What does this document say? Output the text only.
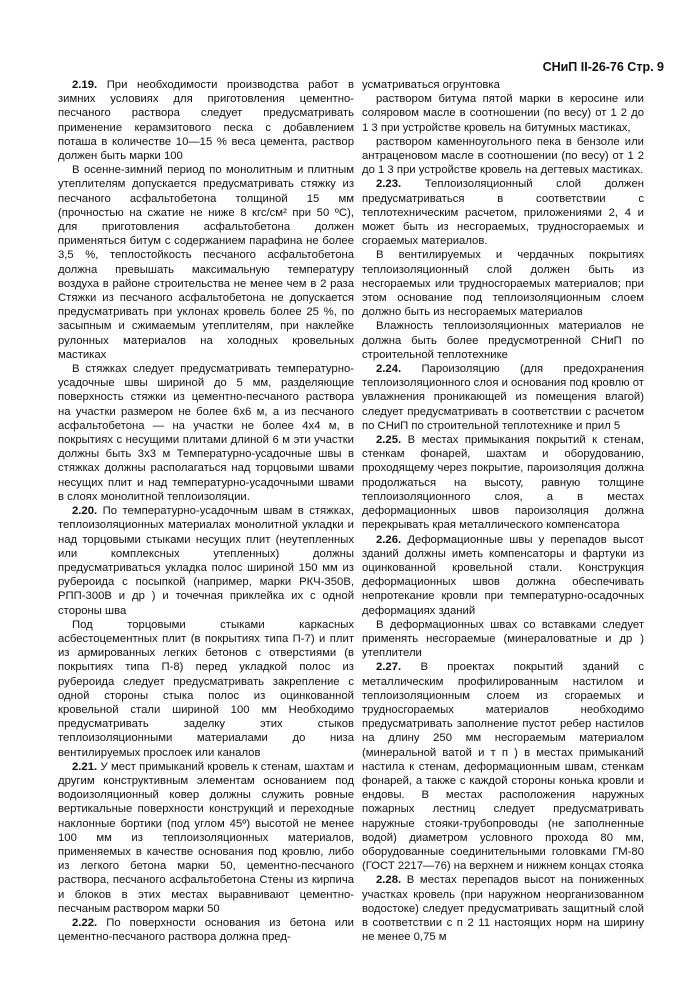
СНиП II-26-76 Стр. 9

2.19. При необходимости производства работ в зимних условиях для приготовления цементно-песчаного раствора следует предусматривать применение керамзитового песка с добавлением поташа в количестве 10—15 % веса цемента, раствор должен быть марки 100

В осенне-зимний период по монолитным и плитным утеплителям допускается предусматривать стяжку из песчаного асфальтобетона толщиной 15 мм (прочностью на сжатие не ниже 8 кгс/см² при 50 ºС), для приготовления асфальтобетона должен применяться битум с содержанием парафина не более 3,5 %, теплостойкость песчаного асфальтобетона должна превышать максимальную температуру воздуха в районе строительства не менее чем в 2 раза Стяжки из песчаного асфальтобетона не допускается предусматривать при уклонах кровель более 25 %, по засыпным и сжимаемым утеплителям, при наклейке рулонных материалов на холодных кровельных мастиках

В стяжках следует предусматривать температурно-усадочные швы шириной до 5 мм, разделяющие поверхность стяжки из цементно-песчаного раствора на участки размером не более 6х6 м, а из песчаного асфальтобетона — на участки не более 4х4 м, в покрытиях с несущими плитами длиной 6 м эти участки должны быть 3х3 м Температурно-усадочные швы в стяжках должны располагаться над торцовыми швами несущих плит и над температурно-усадочными швами в слоях монолитной теплоизоляции.

2.20. По температурно-усадочным швам в стяжках, теплоизоляционных материалах монолитной укладки и над торцовыми стыками несущих плит (неутепленных или комплексных утепленных) должны предусматриваться укладка полос шириной 150 мм из рубероида с посыпкой (например, марки РКЧ-350В, РПП-300В и др ) и точечная приклейка их с одной стороны шва

Под торцовыми стыками каркасных асбестоцементных плит (в покрытиях типа П-7) и плит из армированных легких бетонов с отверстиями (в покрытиях типа П-8) перед укладкой полос из рубероида следует предусматривать закрепление с одной стороны стыка полос из оцинкованной кровельной стали шириной 100 мм Необходимо предусматривать заделку этих стыков теплоизоляционными материалами до низа вентилируемых прослоек или каналов

2.21. У мест примыканий кровель к стенам, шахтам и другим конструктивным элементам основанием под водоизоляционный ковер должны служить ровные вертикальные поверхности конструкций и переходные наклонные бортики (под углом 45º) высотой не менее 100 мм из теплоизоляционных материалов, применяемых в качестве основания под кровлю, либо из легкого бетона марки 50, цементно-песчаного раствора, песчаного асфальтобетона Стены из кирпича и блоков в этих местах выравнивают цементно-песчаным раствором марки 50

2.22. По поверхности основания из бетона или цементно-песчаного раствора должна пред-

усматриваться огрунтовка

раствором битума пятой марки в керосине или соляровом масле в соотношении (по весу) от 1 2 до 1 3 при устройстве кровель на битумных мастиках,

раствором каменноугольного пека в бензоле или антраценовом масле в соотношении (по весу) от 1 2 до 1 3 при устройстве кровель на дегтевых мастиках.

2.23. Теплоизоляционный слой должен предусматриваться в соответствии с теплотехническим расчетом, приложениями 2, 4 и может быть из несгораемых, трудносгораемых и сгораемых материалов.

В вентилируемых и чердачных покрытиях теплоизоляционный слой должен быть из несгораемых или трудносгораемых материалов; при этом основание под теплоизоляционным слоем должно быть из несгораемых материалов

Влажность теплоизоляционных материалов не должна быть более предусмотренной СНиП по строительной теплотехнике

2.24. Пароизоляцию (для предохранения теплоизоляционного слоя и основания под кровлю от увлажнения проникающей из помещения влагой) следует предусматривать в соответствии с расчетом по СНиП по строительной теплотехнике и прил 5

2.25. В местах примыкания покрытий к стенам, стенкам фонарей, шахтам и оборудованию, проходящему через покрытие, пароизоляция должна продолжаться на высоту, равную толщине теплоизоляционного слоя, а в местах деформационных швов пароизоляция должна перекрывать края металлического компенсатора

2.26. Деформационные швы у перепадов высот зданий должны иметь компенсаторы и фартуки из оцинкованной кровельной стали. Конструкция деформационных швов должна обеспечивать непротекание кровли при температурно-осадочных деформациях зданий

В деформационных швах со вставками следует применять несгораемые (минераловатные и др ) утеплители

2.27. В проектах покрытий зданий с металлическим профилированным настилом и теплоизоляционным слоем из сгораемых и трудносгораемых материалов необходимо предусматривать заполнение пустот ребер настилов на длину 250 мм несгораемым материалом (минеральной ватой и т п ) в местах примыканий настила к стенам, деформационным швам, стенкам фонарей, а также с каждой стороны конька кровли и ендовы. В местах расположения наружных пожарных лестниц следует предусматривать наружные стояки-трубопроводы (не заполненные водой) диаметром условного прохода 80 мм, оборудованные соединительными головками ГМ-80 (ГОСТ 2217—76) на верхнем и нижнем концах стояка

2.28. В местах перепадов высот на пониженных участках кровель (при наружном неорганизованном водостоке) следует предусматривать защитный слой в соответствии с п 2 11 настоящих норм на ширину не менее 0,75 м
